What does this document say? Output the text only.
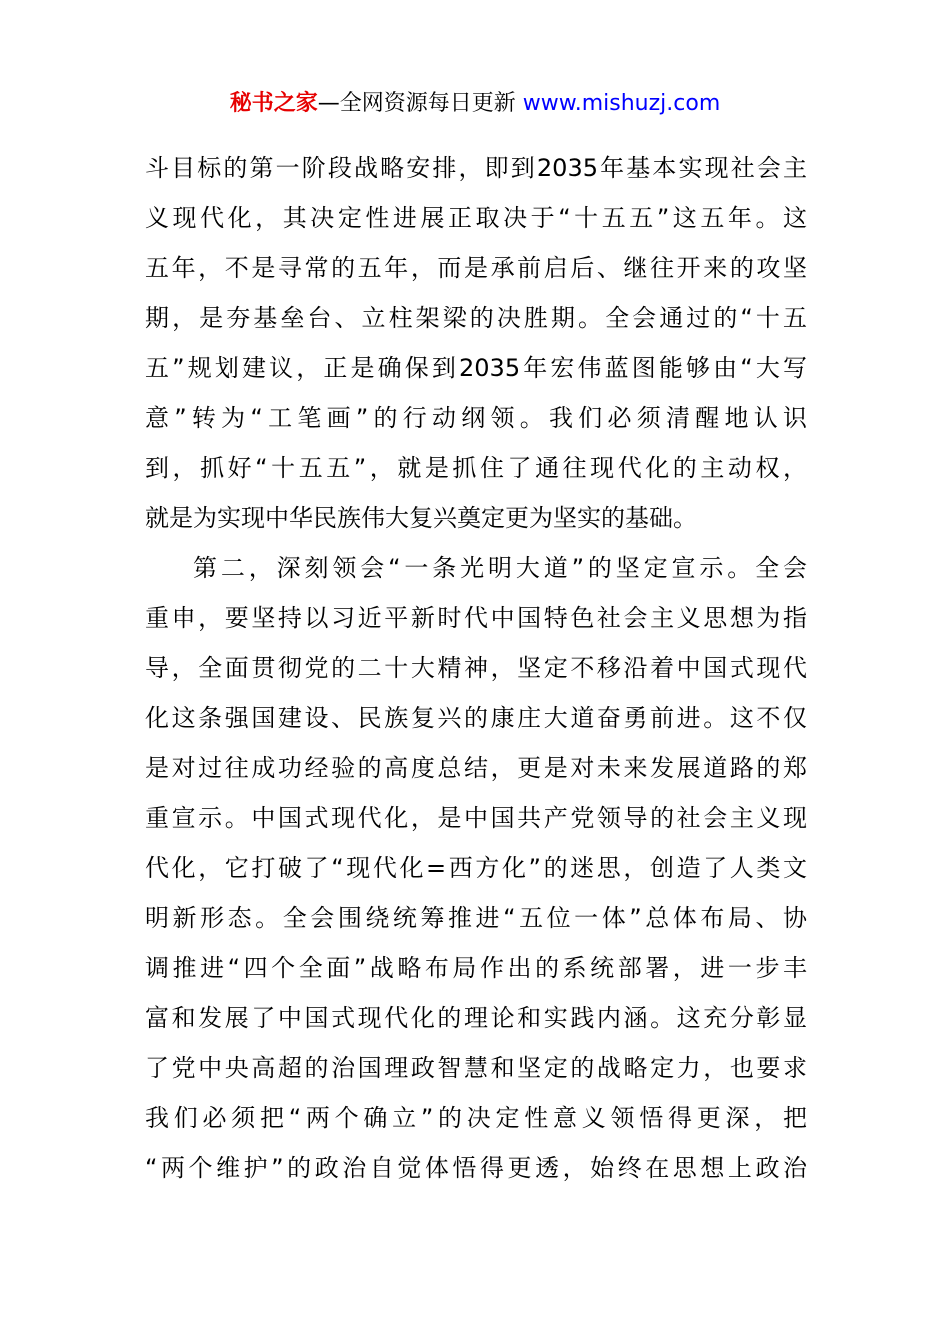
秘书之家—全网资源每日更新 www.mishuzj.com
斗目标的第一阶段战略安排，即到2035年基本实现社会主
义现代化，其决定性进展正取决于“十五五”这五年。这
五年，不是寻常的五年，而是承前启后、继往开来的攻坚
期，是夯基垒台、立柱架梁的决胜期。全会通过的“十五
五”规划建议，正是确保到2035年宏伟蓝图能够由“大写
意”转为“工笔画”的行动纲领。我们必须清醒地认识
到，抓好“十五五”，就是抓住了通往现代化的主动权，
就是为实现中华民族伟大复兴奠定更为坚实的基础。
第二，深刻领会“一条光明大道”的坚定宣示。全会
重申，要坚持以习近平新时代中国特色社会主义思想为指
导，全面贯彻党的二十大精神，坚定不移沿着中国式现代
化这条强国建设、民族复兴的康庄大道奋勇前进。这不仅
是对过往成功经验的高度总结，更是对未来发展道路的郑
重宣示。中国式现代化，是中国共产党领导的社会主义现
代化，它打破了“现代化=西方化”的迷思，创造了人类文
明新形态。全会围绕统筹推进“五位一体”总体布局、协
调推进“四个全面”战略布局作出的系统部署，进一步丰
富和发展了中国式现代化的理论和实践内涵。这充分彰显
了党中央高超的治国理政智慧和坚定的战略定力，也要求
我们必须把“两个确立”的决定性意义领悟得更深，把
“两个维护”的政治自觉体悟得更透，始终在思想上政治
